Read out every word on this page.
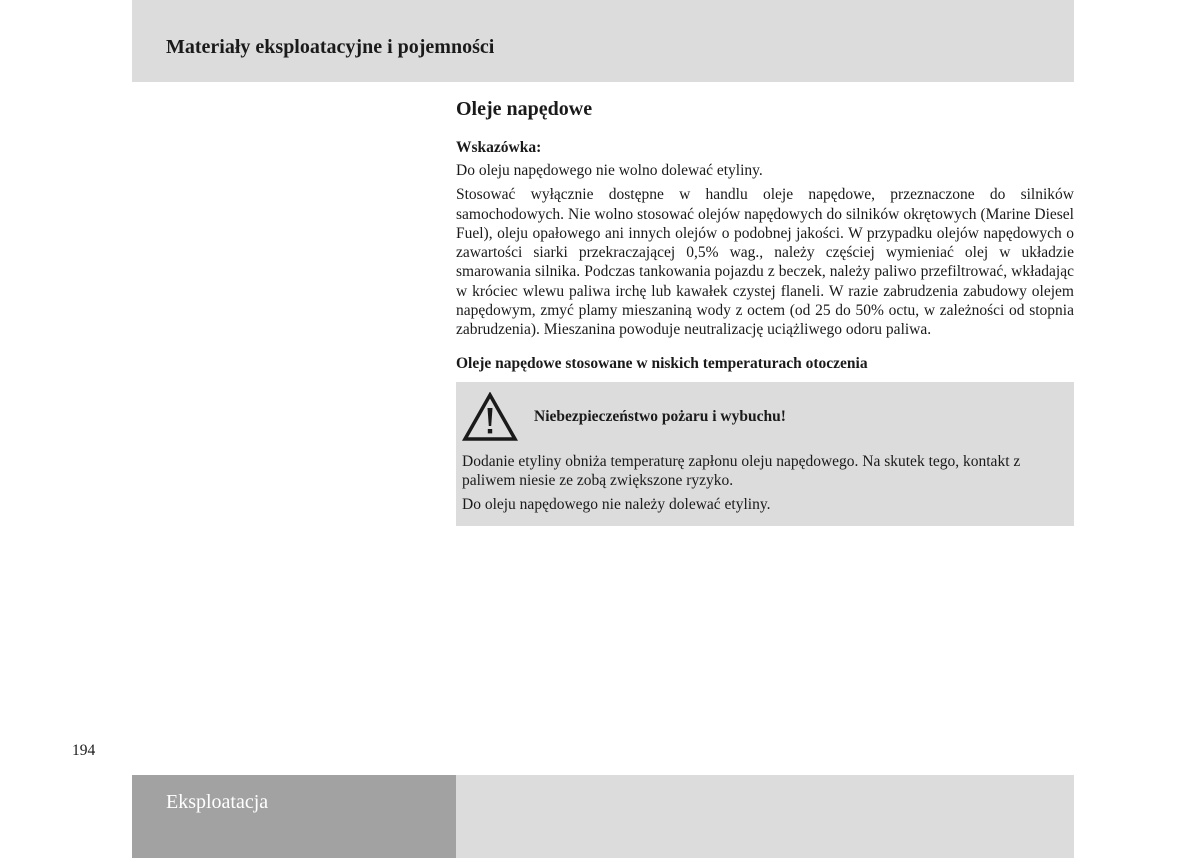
Materiały eksploatacyjne i pojemności
Oleje napędowe
Wskazówka:

Do oleju napędowego nie wolno dolewać etyliny.

Stosować wyłącznie dostępne w handlu oleje napędowe, przeznaczone do silników samochodowych. Nie wolno stosować olejów napędowych do silników okrętowych (Marine Diesel Fuel), oleju opałowego ani innych olejów o podobnej jakości. W przypadku olejów napędowych o zawartości siarki przekraczającej 0,5% wag., należy częściej wymieniać olej w układzie smarowania silnika. Podczas tankowania pojazdu z beczek, należy paliwo przefiltrować, wkładając w króciec wlewu paliwa irchę lub kawałek czystej flaneli. W razie zabrudzenia zabudowy olejem napędowym, zmyć plamy mieszaniną wody z octem (od 25 do 50% octu, w zależności od stopnia zabrudzenia). Mieszanina powoduje neutralizację uciążliwego odoru paliwa.

Oleje napędowe stosowane w niskich temperaturach otoczenia
Niebezpieczeństwo pożaru i wybuchu!

Dodanie etyliny obniża temperaturę zapłonu oleju napędowego. Na skutek tego, kontakt z paliwem niesie ze zobą zwiększone ryzyko.

Do oleju napędowego nie należy dolewać etyliny.

194
Eksploatacja
